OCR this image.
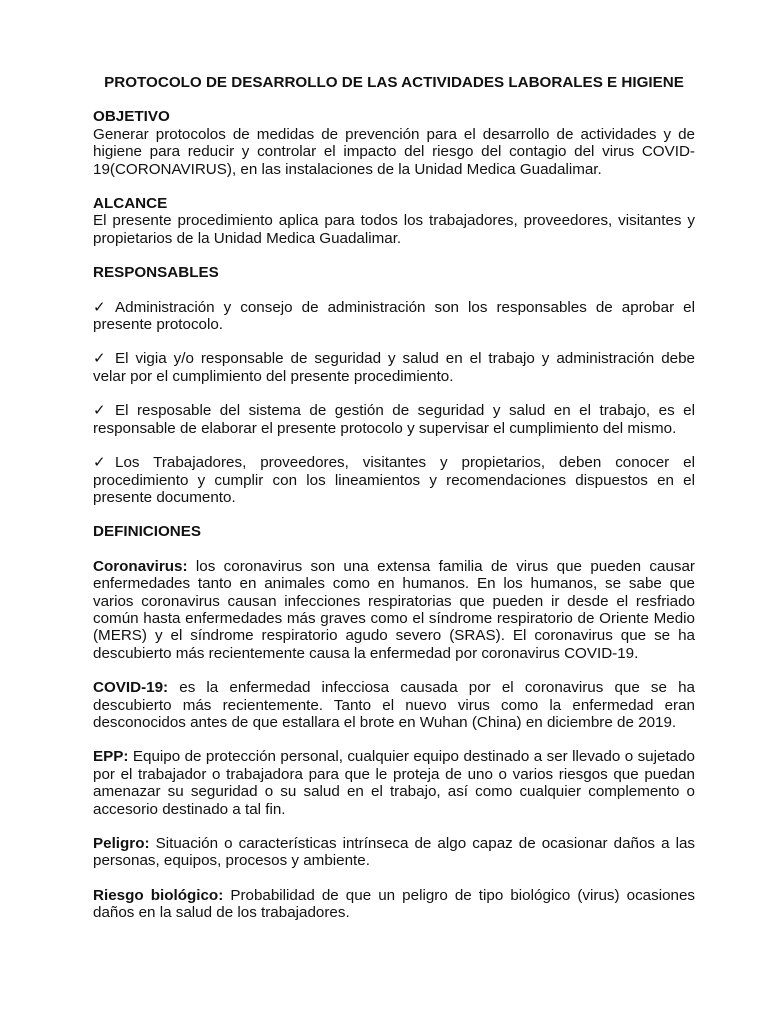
PROTOCOLO DE DESARROLLO DE LAS ACTIVIDADES LABORALES E HIGIENE

OBJETIVO

Generar protocolos de medidas de prevención para el desarrollo de actividades y de higiene para reducir y controlar el impacto del riesgo del contagio del virus COVID-19(CORONAVIRUS), en las instalaciones de la Unidad Medica Guadalimar.

ALCANCE

El presente procedimiento aplica para todos los trabajadores, proveedores, visitantes y propietarios de la Unidad Medica Guadalimar.

RESPONSABLES

✓ Administración y consejo de administración son los responsables de aprobar el presente protocolo.

✓ El vigia y/o responsable de seguridad y salud en el trabajo y administración debe velar por el cumplimiento del presente procedimiento.

✓ El resposable del sistema de gestión de seguridad y salud en el trabajo, es el responsable de elaborar el presente protocolo y supervisar el cumplimiento del mismo.

✓ Los Trabajadores, proveedores, visitantes y propietarios, deben conocer el procedimiento y cumplir con los lineamientos y recomendaciones dispuestos en el presente documento.

DEFINICIONES

Coronavirus: los coronavirus son una extensa familia de virus que pueden causar enfermedades tanto en animales como en humanos. En los humanos, se sabe que varios coronavirus causan infecciones respiratorias que pueden ir desde el resfriado común hasta enfermedades más graves como el síndrome respiratorio de Oriente Medio (MERS) y el síndrome respiratorio agudo severo (SRAS). El coronavirus que se ha descubierto más recientemente causa la enfermedad por coronavirus COVID-19.

COVID-19: es la enfermedad infecciosa causada por el coronavirus que se ha descubierto más recientemente. Tanto el nuevo virus como la enfermedad eran desconocidos antes de que estallara el brote en Wuhan (China) en diciembre de 2019.

EPP: Equipo de protección personal, cualquier equipo destinado a ser llevado o sujetado por el trabajador o trabajadora para que le proteja de uno o varios riesgos que puedan amenazar su seguridad o su salud en el trabajo, así como cualquier complemento o accesorio destinado a tal fin.

Peligro: Situación o características intrínseca de algo capaz de ocasionar daños a las personas, equipos, procesos y ambiente.

Riesgo biológico: Probabilidad de que un peligro de tipo biológico (virus) ocasiones daños en la salud de los trabajadores.
